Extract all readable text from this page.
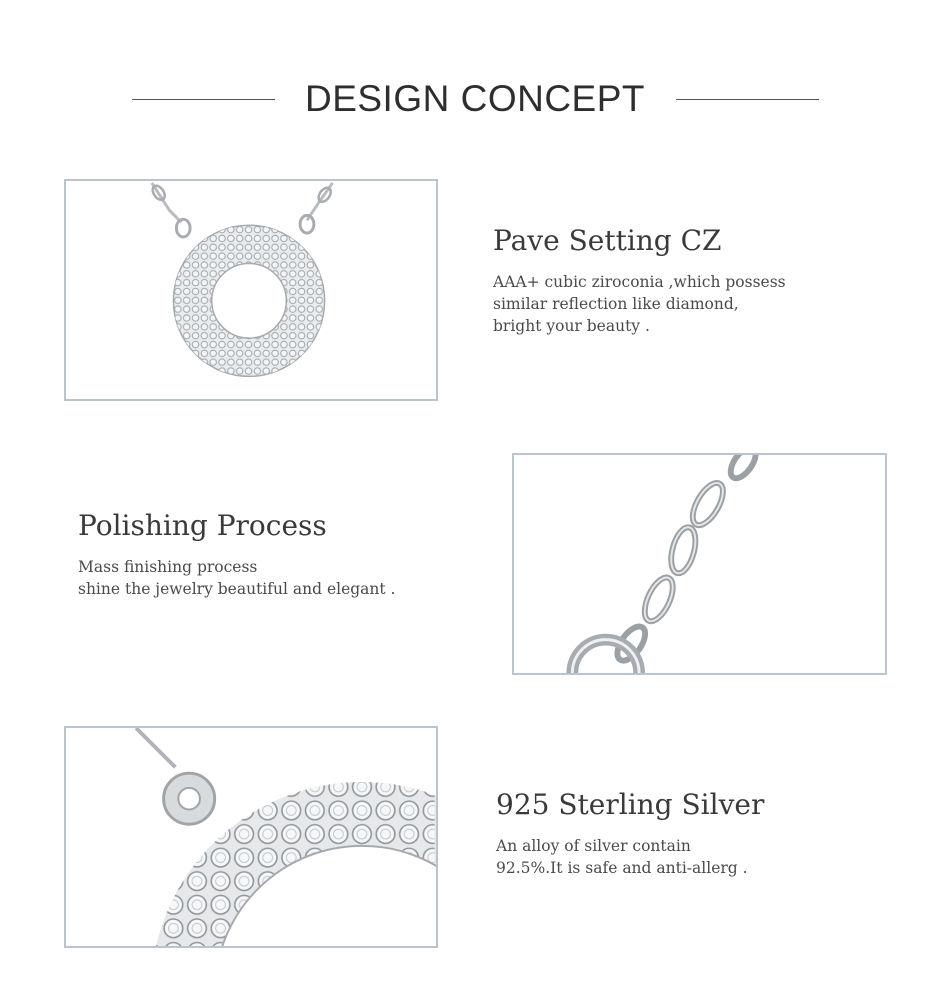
DESIGN CONCEPT
Pave Setting CZ
AAA+ cubic ziroconia ,which possess
similar reflection like diamond,
bright your beauty .
Polishing Process
Mass finishing process
shine the jewelry beautiful and elegant .
925 Sterling Silver
An alloy of silver contain
92.5%.It is safe and anti-allerg .
